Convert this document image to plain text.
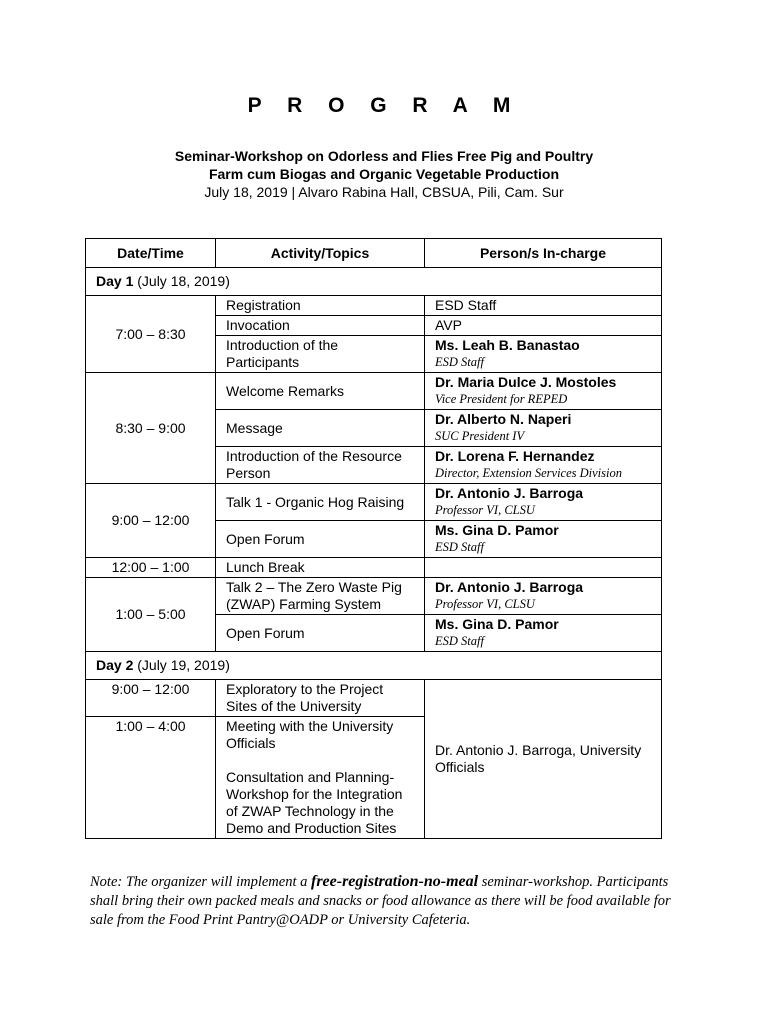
P R O G R A M
Seminar-Workshop on Odorless and Flies Free Pig and Poultry
Farm cum Biogas and Organic Vegetable Production
July 18, 2019 | Alvaro Rabina Hall, CBSUA, Pili, Cam. Sur
Date/Time	Activity/Topics	Person/s In-charge
Day 1 (July 18, 2019)		
7:00 – 8:30	Registration	ESD Staff
	Invocation	AVP
	Introduction of the Participants	Ms. Leah B. Banastao
ESD Staff

8:30 – 9:00	Welcome Remarks	Dr. Maria Dulce J. Mostoles
Vice President for REPED

	Message	Dr. Alberto N. Naperi
SUC President IV

	Introduction of the Resource Person	Dr. Lorena F. Hernandez
Director, Extension Services Division

9:00 – 12:00	Talk 1 - Organic Hog Raising	Dr. Antonio J. Barroga
Professor VI, CLSU

	Open Forum	Ms. Gina D. Pamor
ESD Staff

12:00 – 1:00	Lunch Break	
1:00 – 5:00	Talk 2 – The Zero Waste Pig (ZWAP) Farming System	Dr. Antonio J. Barroga
Professor VI, CLSU

	Open Forum	Ms. Gina D. Pamor
ESD Staff

Day 2 (July 19, 2019)		
9:00 – 12:00	Exploratory to the Project Sites of the University	Dr. Antonio J. Barroga, University Officials
1:00 – 4:00	Meeting with the University Officials
Consultation and Planning-Workshop for the Integration of ZWAP Technology in the Demo and Production Sites	
Note: The organizer will implement a free-registration-no-meal seminar-workshop. Participants shall bring their own packed meals and snacks or food allowance as there will be food available for sale from the Food Print Pantry@OADP or University Cafeteria.
